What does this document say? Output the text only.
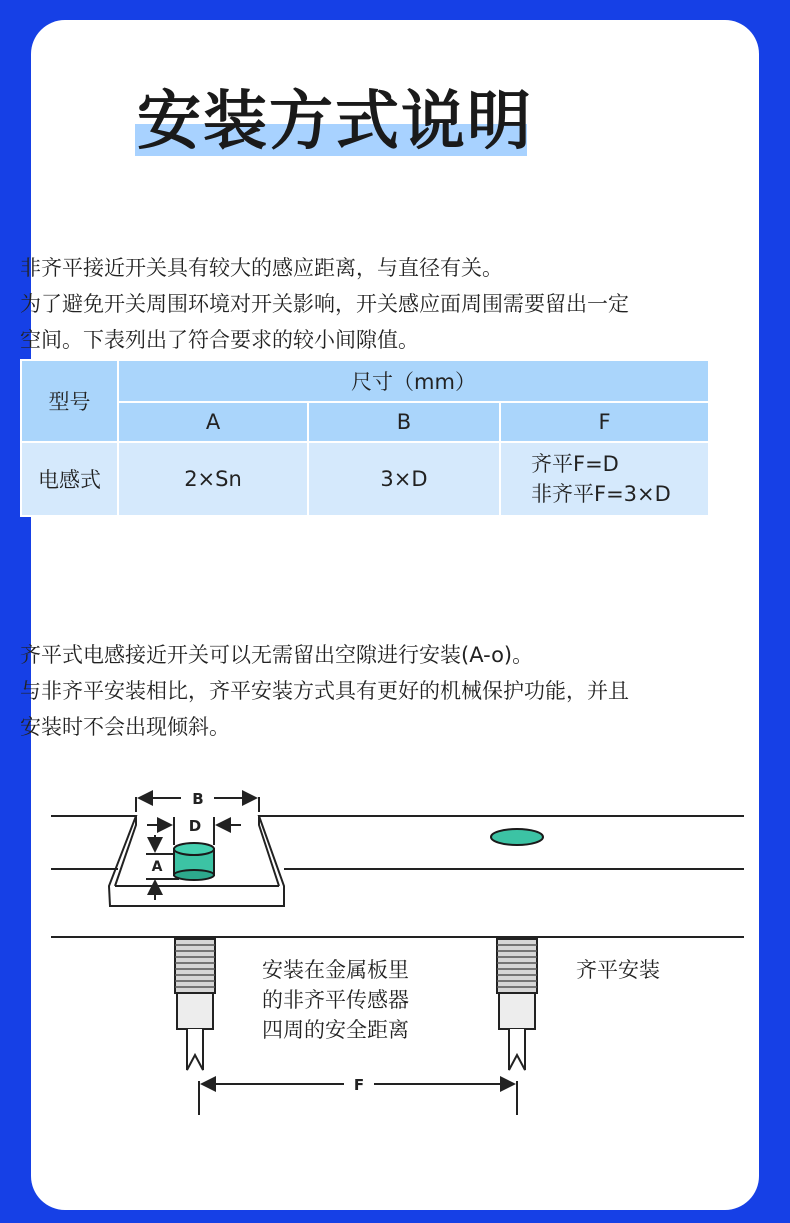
安装方式说明
非齐平接近开关具有较大的感应距离，与直径有关。
为了避免开关周围环境对开关影响，开关感应面周围需要留出一定
空间。下表列出了符合要求的较小间隙值。
型号	尺寸（mm）		
	A	B	F
电感式	2×Sn	3×D	齐平F=D
非齐平F=3×D
齐平式电感接近开关可以无需留出空隙进行安装(A-o)。
与非齐平安装相比，齐平安装方式具有更好的机械保护功能，并且
安装时不会出现倾斜。
B
D
A
F
安装在金属板里
的非齐平传感器
四周的安全距离
齐平安装
